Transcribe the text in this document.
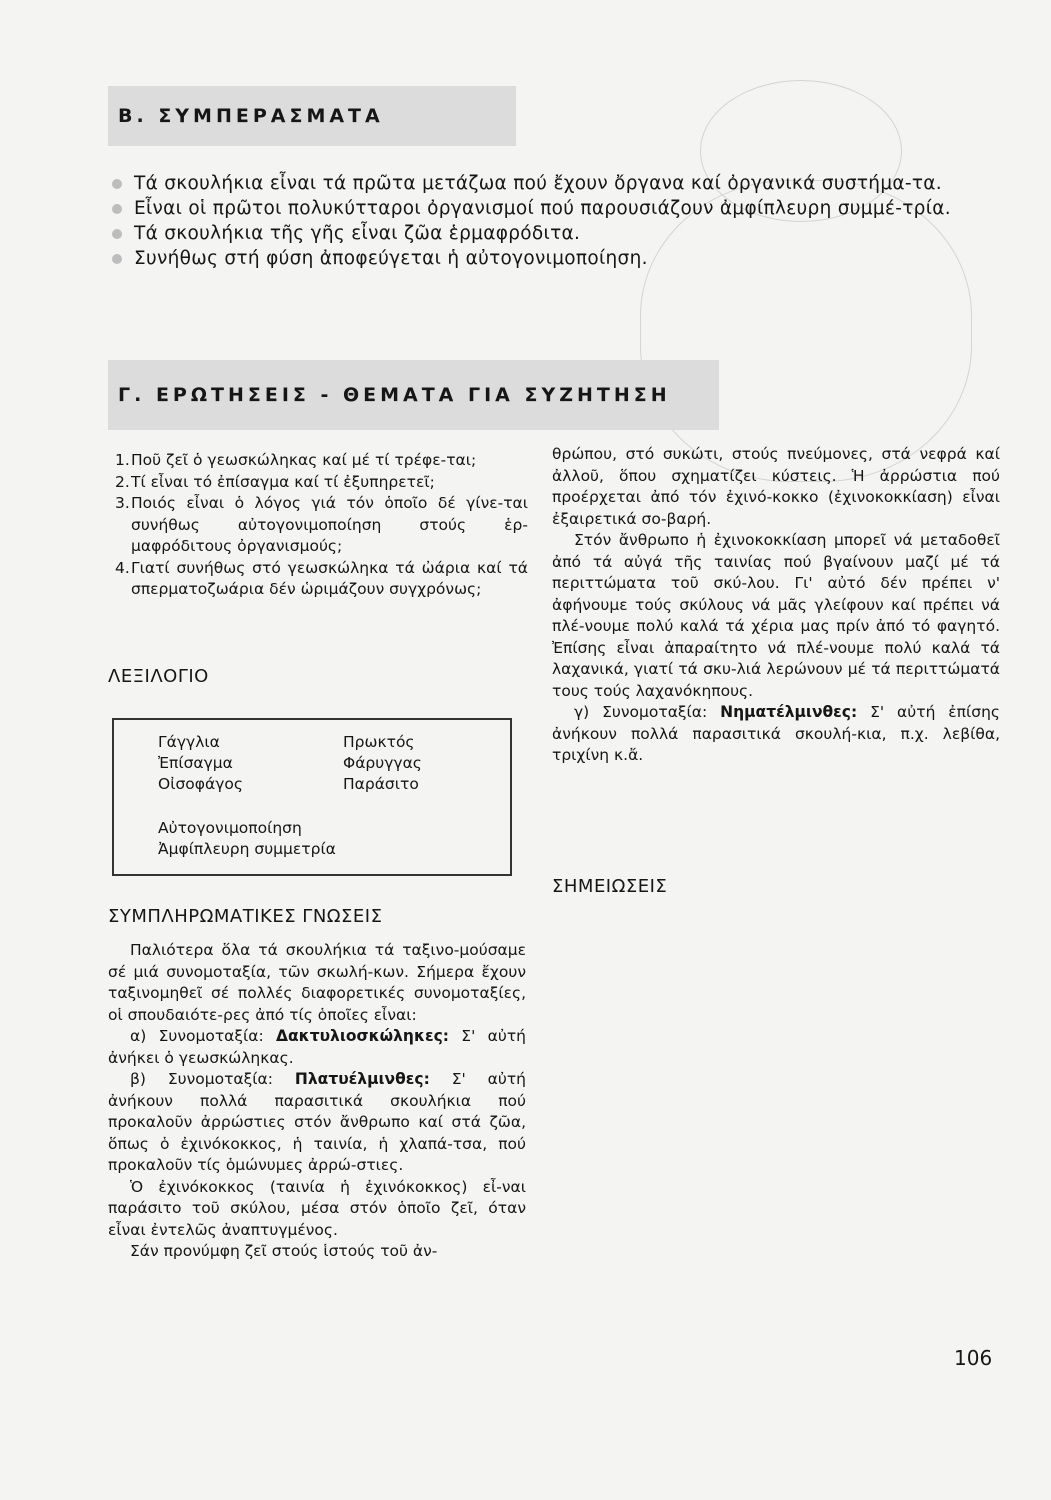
Β. ΣΥΜΠΕΡΑΣΜΑΤΑ
Τά σκουλήκια εἶναι τά πρῶτα μετάζωα πού ἔχουν ὄργανα καί ὀργανικά συστήμα-τα.
Εἶναι οἱ πρῶτοι πολυκύτταροι ὀργανισμοί πού παρουσιάζουν ἀμφίπλευρη συμμέ-τρία.
Τά σκουλήκια τῆς γῆς εἶναι ζῶα ἑρμαφρόδιτα.
Συνήθως στή φύση ἀποφεύγεται ἡ αὐτογονιμοποίηση.
Γ. ΕΡΩΤΗΣΕΙΣ - ΘΕΜΑΤΑ ΓΙΑ ΣΥΖΗΤΗΣΗ
1. Ποῦ ζεῖ ὁ γεωσκώληκας καί μέ τί τρέφε-ται;
2. Τί εἶναι τό ἐπίσαγμα καί τί ἐξυπηρετεῖ;
3. Ποιός εἶναι ὁ λόγος γιά τόν ὁποῖο δέ γίνε-ται συνήθως αὐτογονιμοποίηση στούς ἑρ-μαφρόδιτους ὀργανισμούς;
4. Γιατί συνήθως στό γεωσκώληκα τά ὠάρια καί τά σπερματοζωάρια δέν ὡριμάζουν συγχρόνως;
ΛΕΞΙΛΟΓΙΟ
Γάγγλια
Ἐπίσαγμα
Οἰσοφάγος
Πρωκτός
Φάρυγγας
Παράσιτο
Αὐτογονιμοποίηση
Ἀμφίπλευρη συμμετρία
ΣΥΜΠΛΗΡΩΜΑΤΙΚΕΣ ΓΝΩΣΕΙΣ

Παλιότερα ὅλα τά σκουλήκια τά ταξινο-μούσαμε σέ μιά συνομοταξία, τῶν σκωλή-κων. Σήμερα ἔχουν ταξινομηθεῖ σέ πολλές διαφορετικές συνομοταξίες, οἱ σπουδαιότε-ρες ἀπό τίς ὁποῖες εἶναι:

α) Συνομοταξία: Δακτυλιοσκώληκες: Σ' αὐτή ἀνήκει ὁ γεωσκώληκας.

β) Συνομοταξία: Πλατυέλμινθες: Σ' αὐτή ἀνήκουν πολλά παρασιτικά σκουλήκια πού προκαλοῦν ἀρρώστιες στόν ἄνθρωπο καί στά ζῶα, ὅπως ὁ ἐχινόκοκκος, ἡ ταινία, ἡ χλαπά-τσα, πού προκαλοῦν τίς ὁμώνυμες ἀρρώ-στιες.

Ὁ ἐχινόκοκκος (ταινία ἡ ἐχινόκοκκος) εἶ-ναι παράσιτο τοῦ σκύλου, μέσα στόν ὁποῖο ζεῖ, όταν εἶναι ἐντελῶς ἀναπτυγμένος.

Σάν προνύμφη ζεῖ στούς ἱστούς τοῦ ἀν-

θρώπου, στό συκώτι, στούς πνεύμονες, στά νεφρά καί ἀλλοῦ, ὅπου σχηματίζει κύστεις. Ἡ ἀρρώστια πού προέρχεται ἀπό τόν ἐχινό-κοκκο (ἐχινοκοκκίαση) εἶναι ἐξαιρετικά σο-βαρή.

Στόν ἄνθρωπο ἡ ἐχινοκοκκίαση μπορεῖ νά μεταδοθεῖ ἀπό τά αὐγά τῆς ταινίας πού βγαίνουν μαζί μέ τά περιττώματα τοῦ σκύ-λου. Γι' αὐτό δέν πρέπει ν' ἀφήνουμε τούς σκύλους νά μᾶς γλείφουν καί πρέπει νά πλέ-νουμε πολύ καλά τά χέρια μας πρίν ἀπό τό φαγητό. Ἐπίσης εἶναι ἀπαραίτητο νά πλέ-νουμε πολύ καλά τά λαχανικά, γιατί τά σκυ-λιά λερώνουν μέ τά περιττώματά τους τούς λαχανόκηπους.

γ) Συνομοταξία: Νηματέλμινθες: Σ' αὐτή ἐπίσης ἀνήκουν πολλά παρασιτικά σκουλή-κια, π.χ. λεβίθα, τριχίνη κ.ἄ.

ΣΗΜΕΙΩΣΕΙΣ
106
